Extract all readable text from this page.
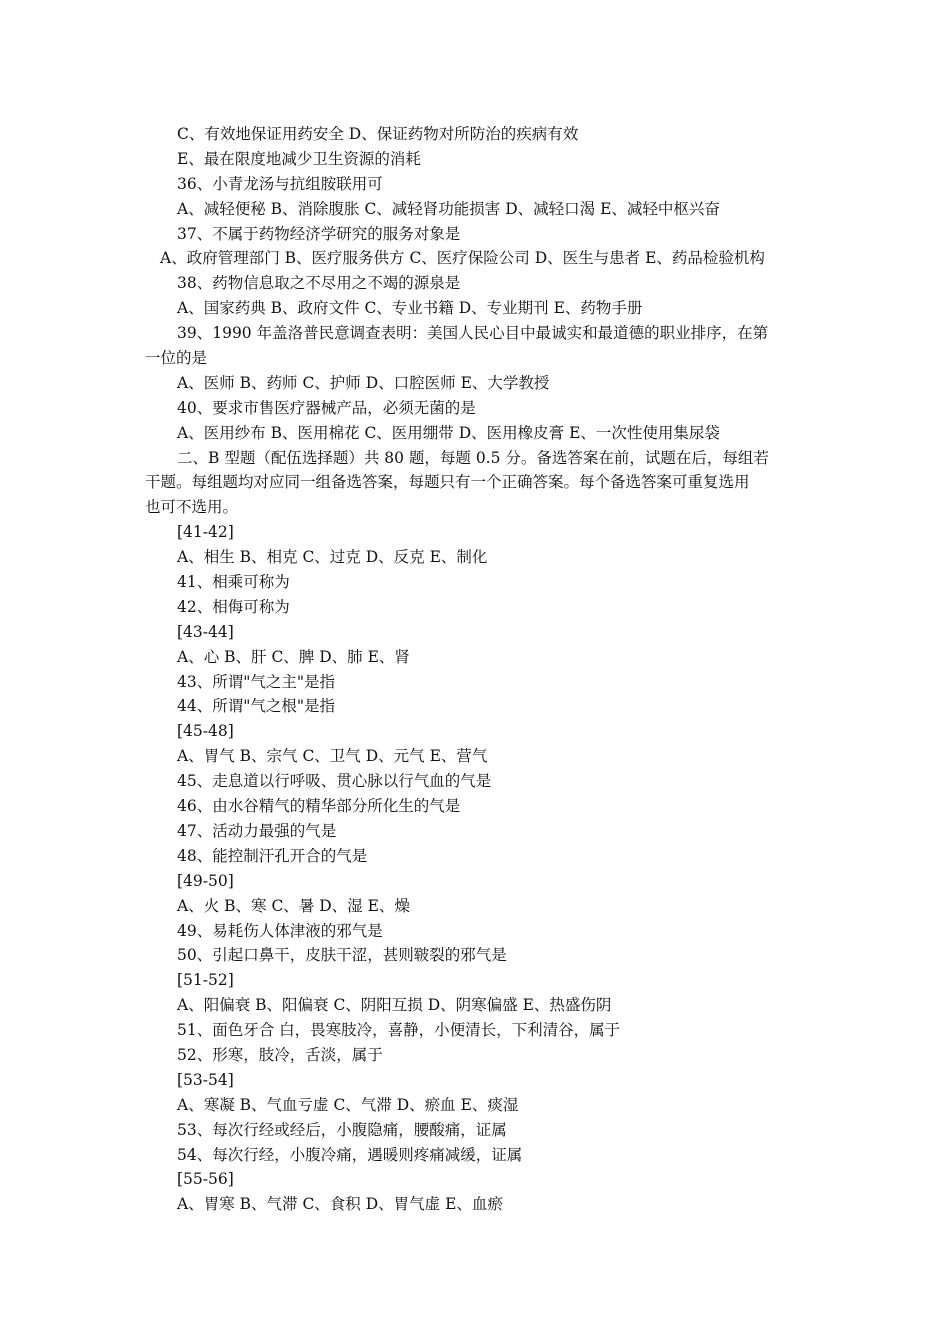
C、有效地保证用药安全 D、保证药物对所防治的疾病有效
E、最在限度地减少卫生资源的消耗
36、小青龙汤与抗组胺联用可
A、减轻便秘 B、消除腹胀 C、减轻肾功能损害 D、减轻口渴 E、减轻中枢兴奋
37、不属于药物经济学研究的服务对象是
A、政府管理部门 B、医疗服务供方 C、医疗保险公司 D、医生与患者 E、药品检验机构
38、药物信息取之不尽用之不竭的源泉是
A、国家药典 B、政府文件 C、专业书籍 D、专业期刊 E、药物手册
39、1990 年盖洛普民意调查表明：美国人民心目中最诚实和最道德的职业排序，在第
一位的是
A、医师 B、药师 C、护师 D、口腔医师 E、大学教授
40、要求市售医疗器械产品，必须无菌的是
A、医用纱布 B、医用棉花 C、医用绷带 D、医用橡皮膏 E、一次性使用集尿袋
二、B 型题（配伍选择题）共 80 题，每题 0.5 分。备选答案在前，试题在后，每组若
干题。每组题均对应同一组备选答案，每题只有一个正确答案。每个备选答案可重复选用
也可不选用。
[41-42]
A、相生 B、相克 C、过克 D、反克 E、制化
41、相乘可称为
42、相侮可称为
[43-44]
A、心 B、肝 C、脾 D、肺 E、肾
43、所谓"气之主"是指
44、所谓"气之根"是指
[45-48]
A、胃气 B、宗气 C、卫气 D、元气 E、营气
45、走息道以行呼吸、贯心脉以行气血的气是
46、由水谷精气的精华部分所化生的气是
47、活动力最强的气是
48、能控制汗孔开合的气是
[49-50]
A、火 B、寒 C、暑 D、湿 E、燥
49、易耗伤人体津液的邪气是
50、引起口鼻干，皮肤干涩，甚则皲裂的邪气是
[51-52]
A、阳偏衰 B、阳偏衰 C、阴阳互损 D、阴寒偏盛 E、热盛伤阴
51、面色牙合 白，畏寒肢冷，喜静，小便清长，下利清谷，属于
52、形寒，肢冷，舌淡，属于
[53-54]
A、寒凝 B、气血亏虚 C、气滞 D、瘀血 E、痰湿
53、每次行经或经后，小腹隐痛，腰酸痛，证属
54、每次行经，小腹冷痛，遇暖则疼痛减缓，证属
[55-56]
A、胃寒 B、气滞 C、食积 D、胃气虚 E、血瘀
